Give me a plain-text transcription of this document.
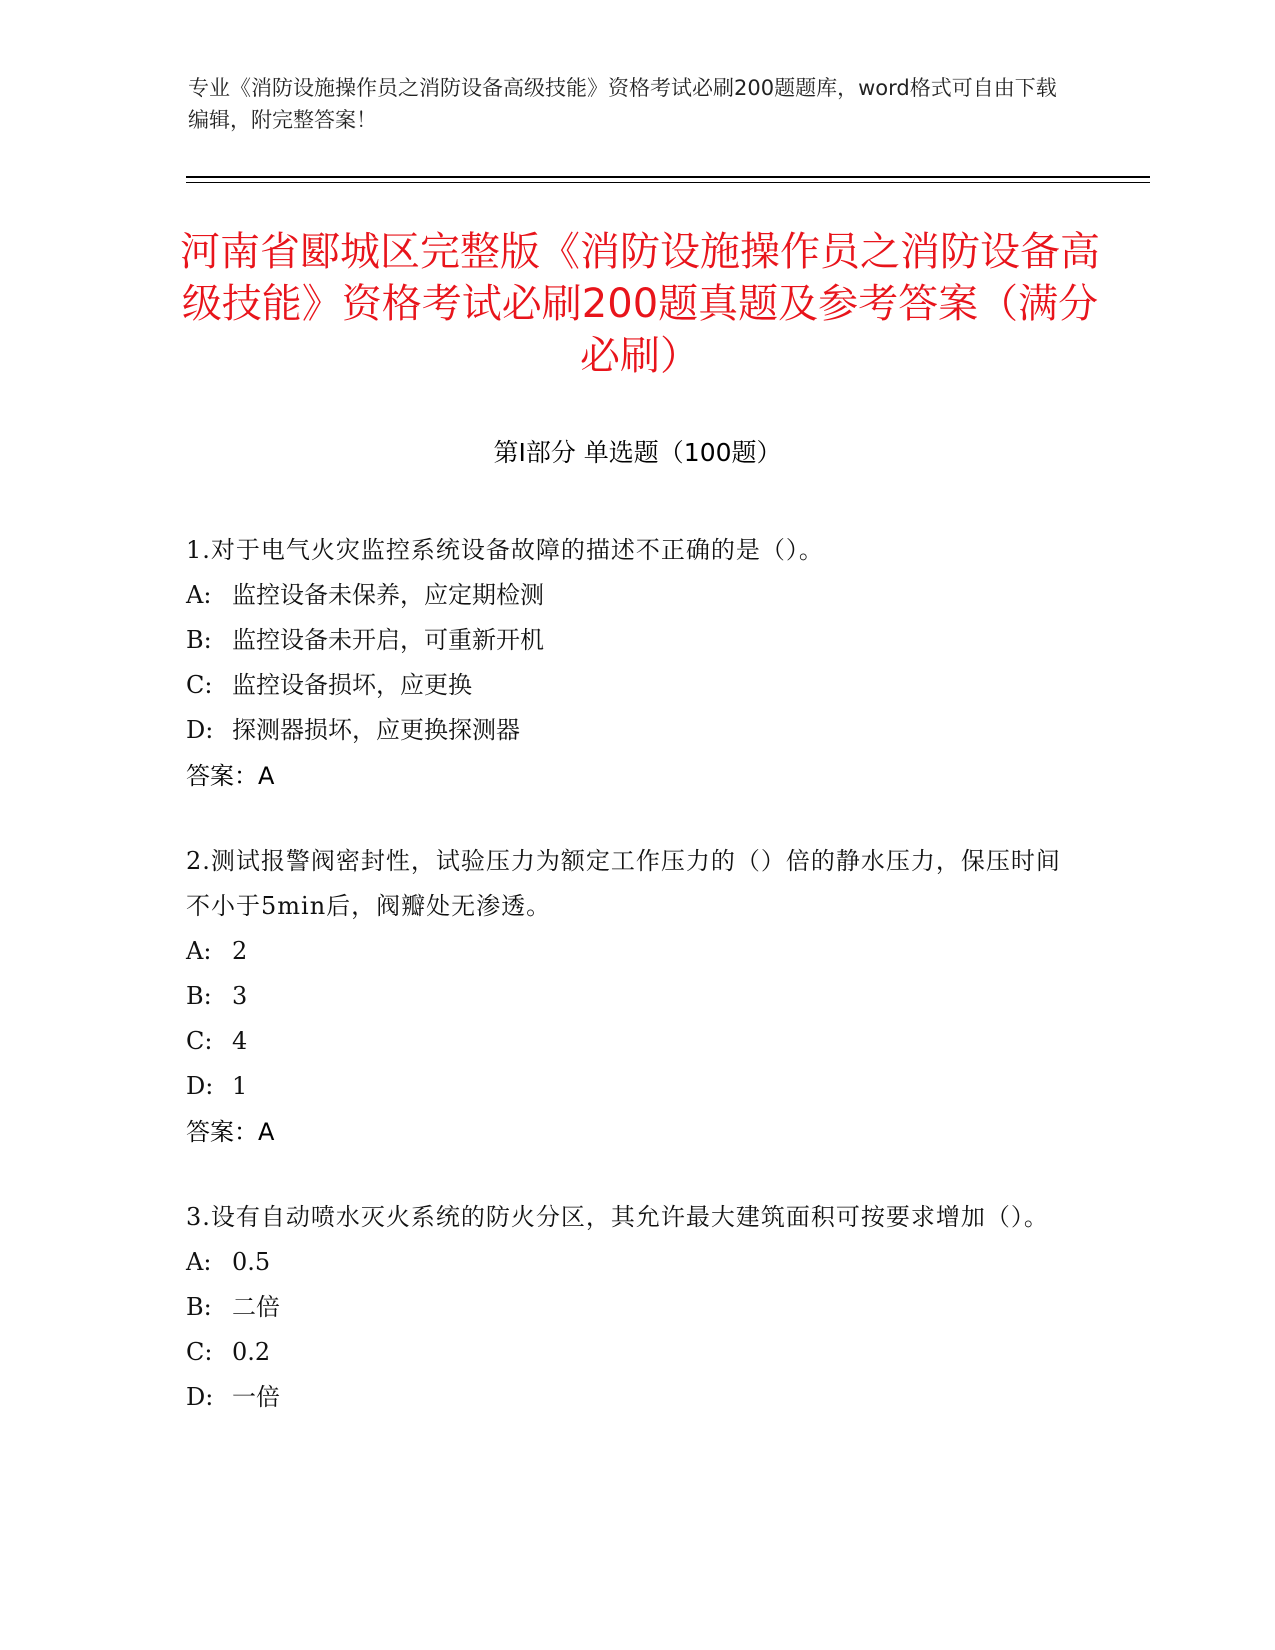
专业《消防设施操作员之消防设备高级技能》资格考试必刷200题题库，word格式可自由下载编辑，附完整答案！
河南省郾城区完整版《消防设施操作员之消防设备高级技能》资格考试必刷200题真题及参考答案（满分必刷）
第I部分 单选题（100题）
1.对于电气火灾监控系统设备故障的描述不正确的是（）。
A: 监控设备未保养，应定期检测
B: 监控设备未开启，可重新开机
C: 监控设备损坏，应更换
D: 探测器损坏，应更换探测器
答案：A
2.测试报警阀密封性，试验压力为额定工作压力的（）倍的静水压力，保压时间不小于5min后，阀瓣处无渗透。
A: 2
B: 3
C: 4
D: 1
答案：A
3.设有自动喷水灭火系统的防火分区，其允许最大建筑面积可按要求增加（）。
A: 0.5
B: 二倍
C: 0.2
D: 一倍
